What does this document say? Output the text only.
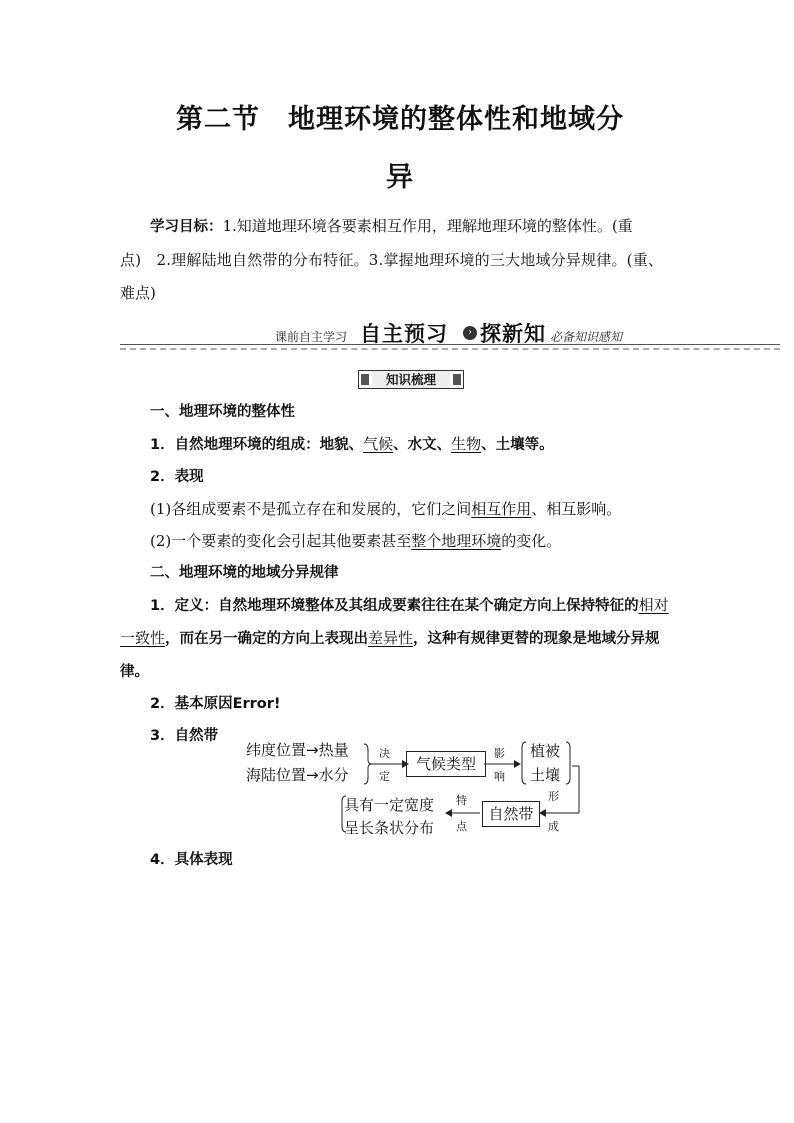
第二节　地理环境的整体性和地域分
异
学习目标：1.知道地理环境各要素相互作用，理解地理环境的整体性。(重
点)　2.理解陆地自然带的分布特征。3.掌握地理环境的三大地域分异规律。(重、
难点)
课前自主学习 自主预习	› 探新知 必备知识感知
知识梳理
一、地理环境的整体性
1．自然地理环境的组成：地貌、气候、水文、生物、土壤等。
2．表现
(1)各组成要素不是孤立存在和发展的，它们之间相互作用、相互影响。
(2)一个要素的变化会引起其他要素甚至整个地理环境的变化。
二、地理环境的地域分异规律
1．定义：自然地理环境整体及其组成要素往往在某个确定方向上保持特征的相对一致性，而在另一确定的方向上表现出差异性，这种有规律更替的现象是地域分异规律。
2．基本原因Error!
3．自然带
纬度位置→热量
海陆位置→水分
决
定
气候类型
影
响
植被
土壤
形
成
自然带
特
点
具有一定宽度
呈长条状分布
4．具体表现
